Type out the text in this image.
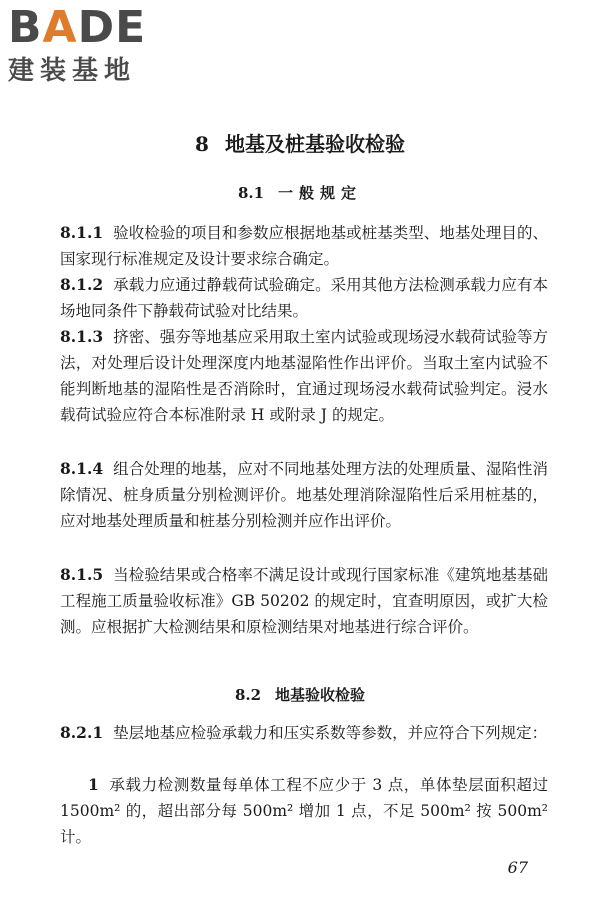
BADE
建装基地
8 地基及桩基验收检验
8.1 一般规定
8.1.1 验收检验的项目和参数应根据地基或桩基类型、地基处理目的、国家现行标准规定及设计要求综合确定。
8.1.2 承载力应通过静载荷试验确定。采用其他方法检测承载力应有本场地同条件下静载荷试验对比结果。
8.1.3 挤密、强夯等地基应采用取土室内试验或现场浸水载荷试验等方法，对处理后设计处理深度内地基湿陷性作出评价。当取土室内试验不能判断地基的湿陷性是否消除时，宜通过现场浸水载荷试验判定。浸水载荷试验应符合本标准附录 H 或附录 J 的规定。
8.1.4 组合处理的地基，应对不同地基处理方法的处理质量、湿陷性消除情况、桩身质量分别检测评价。地基处理消除湿陷性后采用桩基的，应对地基处理质量和桩基分别检测并应作出评价。
8.1.5 当检验结果或合格率不满足设计或现行国家标准《建筑地基基础工程施工质量验收标准》GB 50202 的规定时，宜查明原因，或扩大检测。应根据扩大检测结果和原检测结果对地基进行综合评价。
8.2 地基验收检验
8.2.1 垫层地基应检验承载力和压实系数等参数，并应符合下列规定：
1 承载力检测数量每单体工程不应少于 3 点，单体垫层面积超过 1500m² 的，超出部分每 500m² 增加 1 点，不足 500m² 按 500m² 计。
67
